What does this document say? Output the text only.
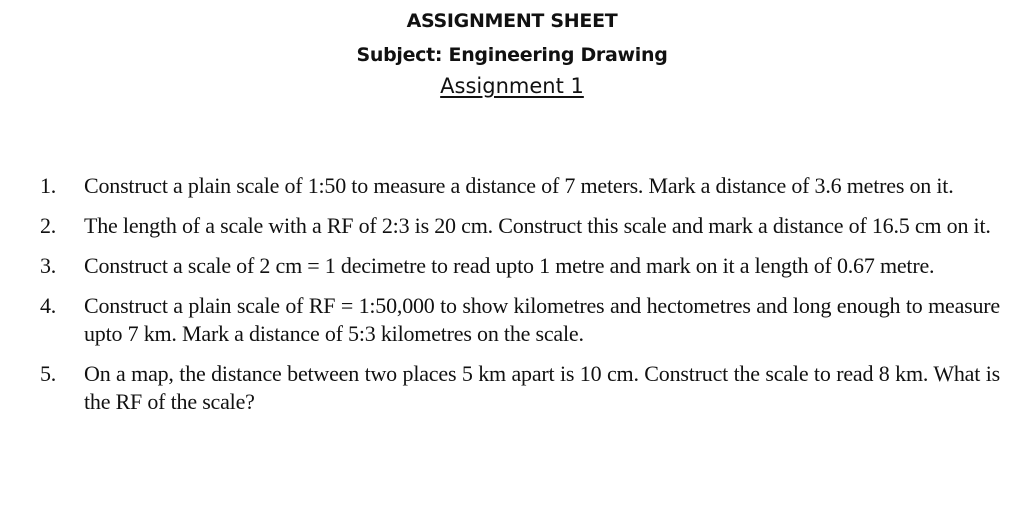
ASSIGNMENT SHEET
Subject: Engineering Drawing
Assignment 1
1. Construct a plain scale of 1:50 to measure a distance of 7 meters. Mark a distance of 3.6 metres on it.
2. The length of a scale with a RF of 2:3 is 20 cm. Construct this scale and mark a distance of 16.5 cm on it.
3. Construct a scale of 2 cm = 1 decimetre to read upto 1 metre and mark on it a length of 0.67 metre.
4. Construct a plain scale of RF = 1:50,000 to show kilometres and hectometres and long enough to measure upto 7 km. Mark a distance of 5:3 kilometres on the scale.
5. On a map, the distance between two places 5 km apart is 10 cm. Construct the scale to read 8 km. What is the RF of the scale?
